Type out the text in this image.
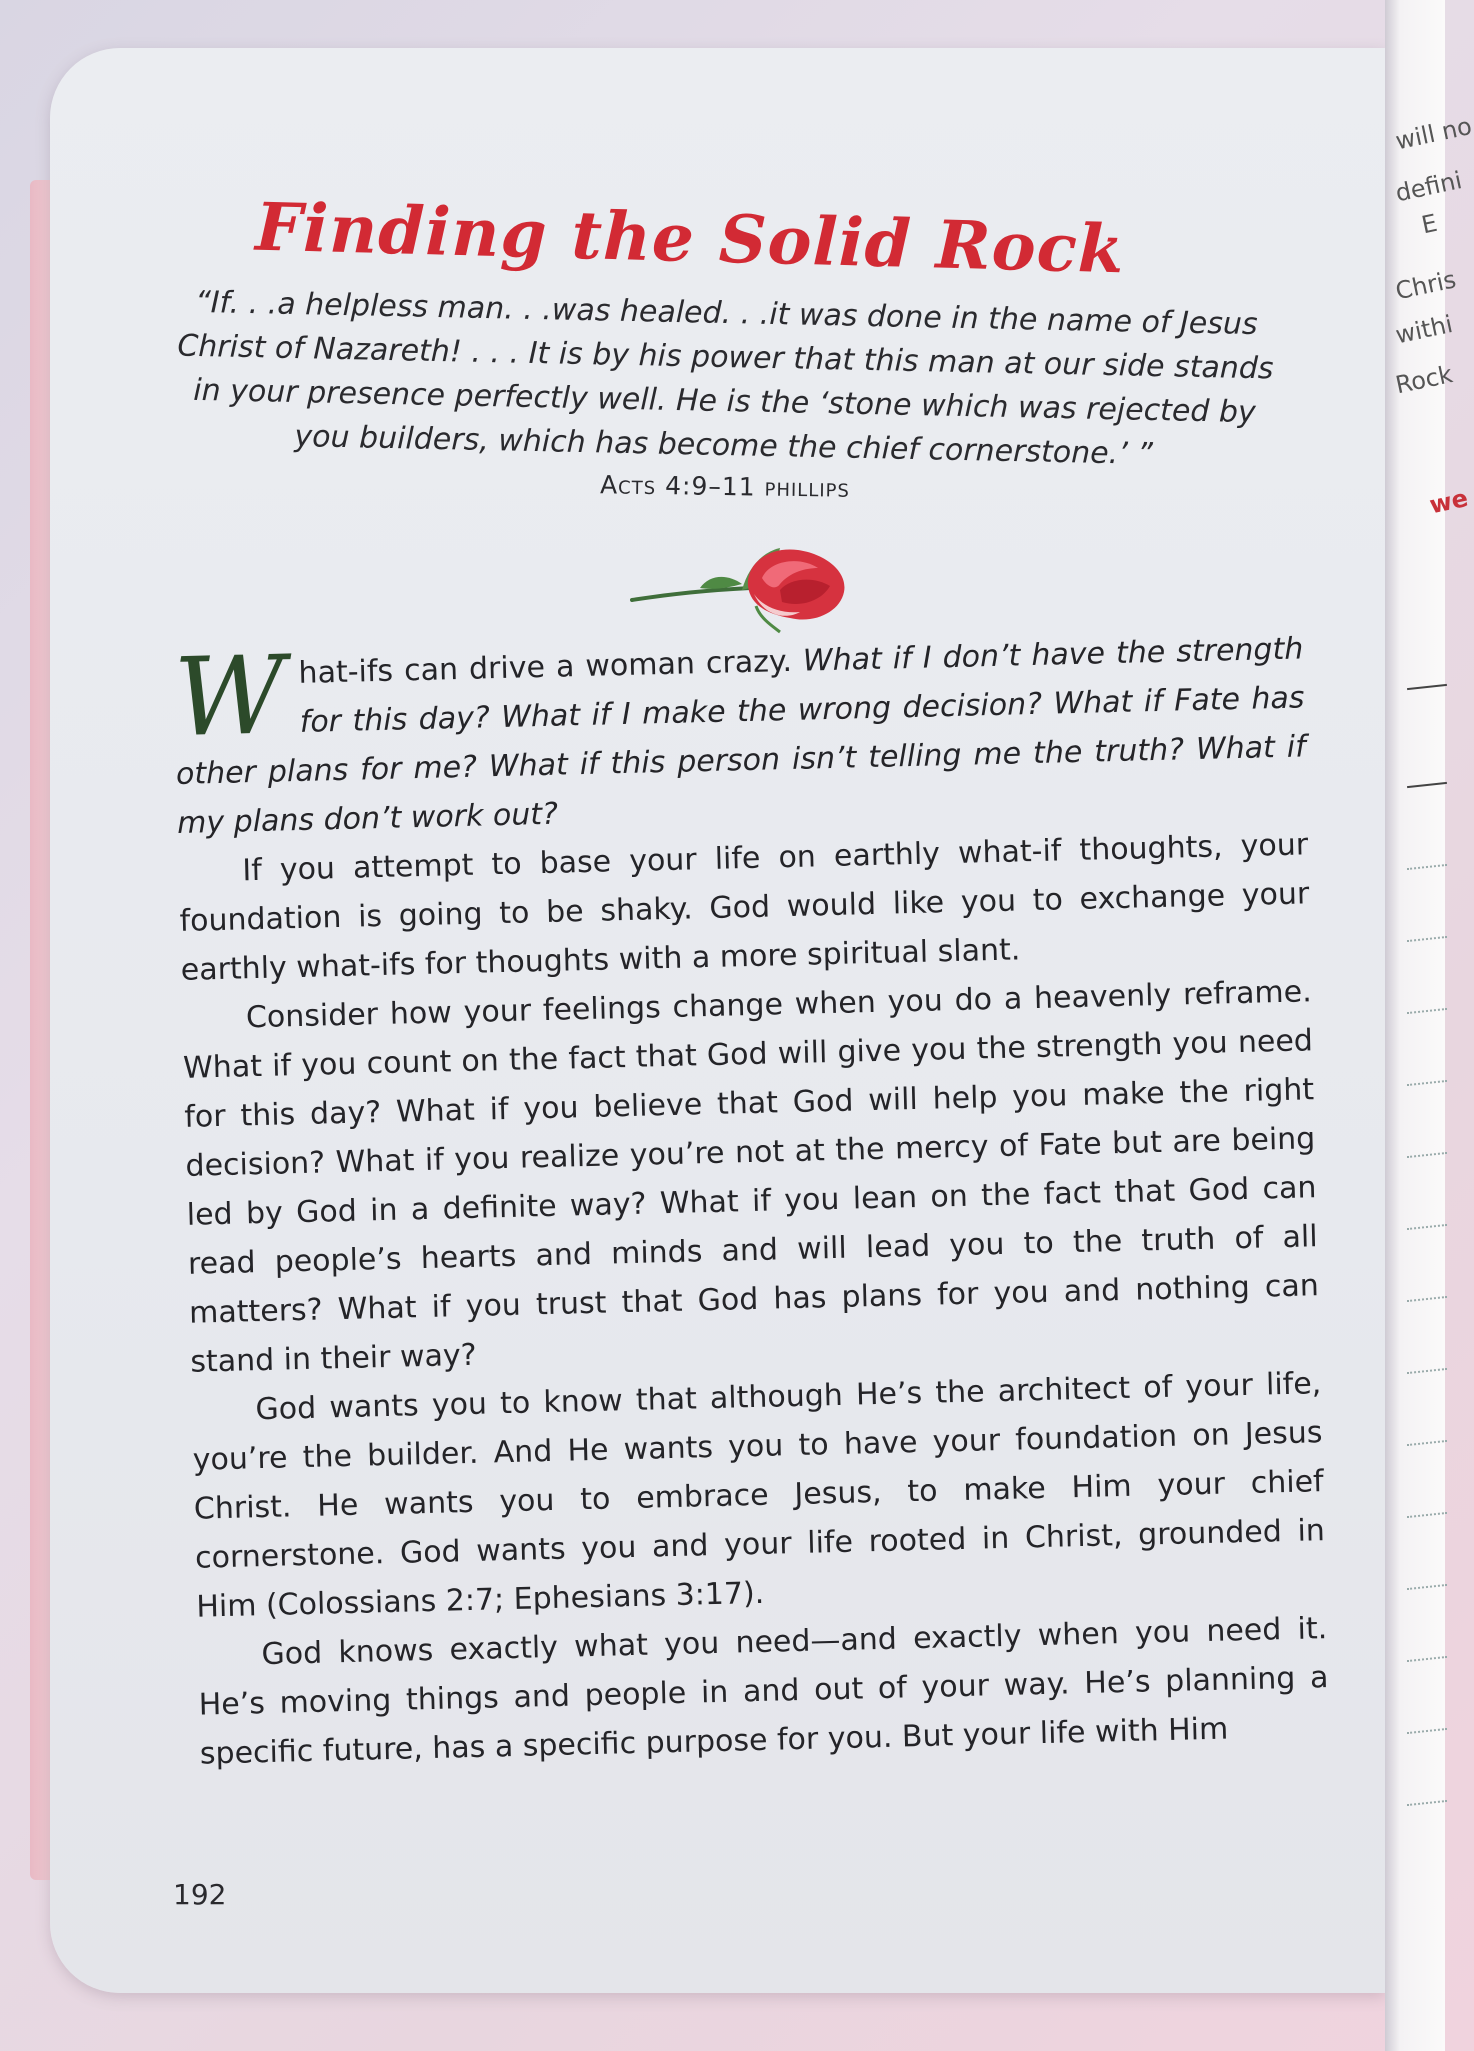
will no
defini
E
Chris
withi
Rock
we
Finding the Solid Rock
“If. . .a helpless man. . .was healed. . .it was done in the name of Jesus Christ of Nazareth! . . . It is by his power that this man at our side stands in your presence perfectly well. He is the ‘stone which was rejected by you builders, which has become the chief cornerstone.’ ”
Acts 4:9–11 phillips

What-ifs can drive a woman crazy. What if I don’t have the strength for this day? What if I make the wrong decision? What if Fate has other plans for me? What if this person isn’t telling me the truth? What if my plans don’t work out?

If you attempt to base your life on earthly what-if thoughts, your foundation is going to be shaky. God would like you to exchange your earthly what-ifs for thoughts with a more spiritual slant.

Consider how your feelings change when you do a heavenly reframe. What if you count on the fact that God will give you the strength you need for this day? What if you believe that God will help you make the right decision? What if you realize you’re not at the mercy of Fate but are being led by God in a definite way? What if you lean on the fact that God can read people’s hearts and minds and will lead you to the truth of all matters? What if you trust that God has plans for you and nothing can stand in their way?

God wants you to know that although He’s the architect of your life, you’re the builder. And He wants you to have your foundation on Jesus Christ. He wants you to embrace Jesus, to make Him your chief cornerstone. God wants you and your life rooted in Christ, grounded in Him (Colossians 2:7; Ephesians 3:17).

God knows exactly what you need—and exactly when you need it. He’s moving things and people in and out of your way. He’s planning a specific future, has a specific purpose for you. But your life with Him

192
